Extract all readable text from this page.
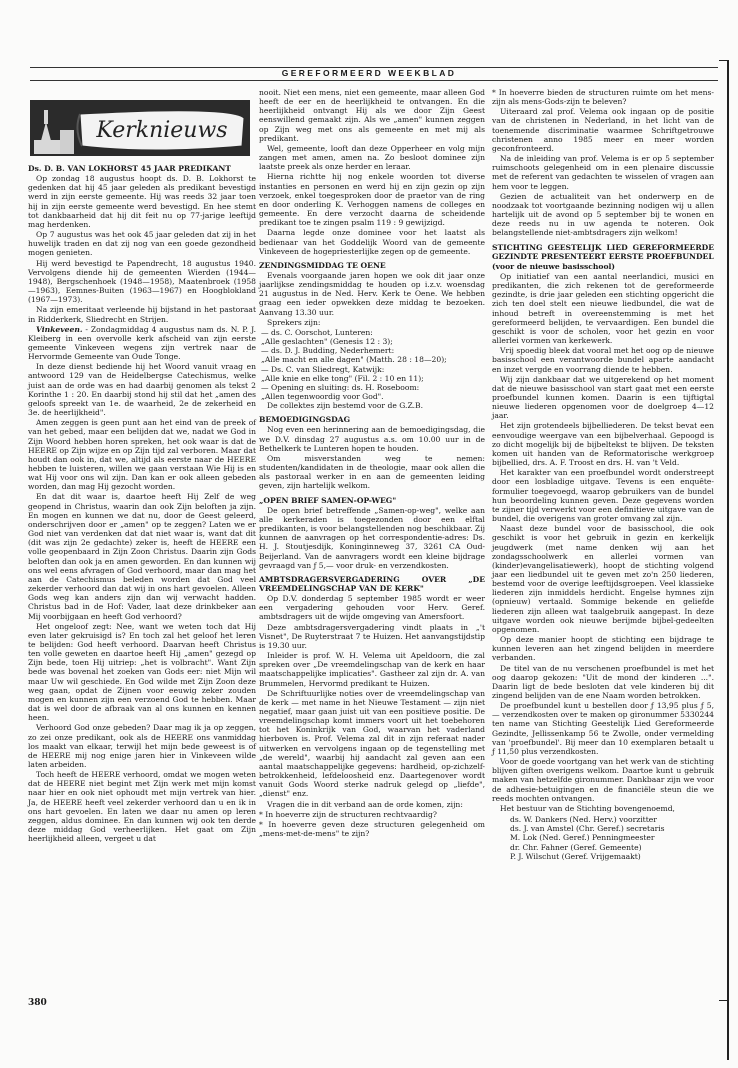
GEREFORMEERD WEEKBLAD
Kerknieuws
Ds. D. B. VAN LOKHORST 45 JAAR PREDIKANT

Op zondag 18 augustus hoopt ds. D. B. Lokhorst te gedenken dat hij 45 jaar geleden als predikant bevestigd werd in zijn eerste gemeente. Hij was reeds 32 jaar toen hij in zijn eerste gemeente werd bevestigd. En hee stemt tot dankbaarheid dat hij dit feit nu op 77-jarige leeftijd mag herdenken.

Op 7 augustus was het ook 45 jaar geleden dat zij in het huwelijk traden en dat zij nog van een goede gezondheid mogen genieten.

Hij werd bevestigd te Papendrecht, 18 augustus 1940. Vervolgens diende hij de gemeenten Wierden (1944—1948), Bergschenhoek (1948—1958), Maatenbroek (1958—1963), Eemnes-Buiten (1963—1967) en Hoogblokland (1967—1973).

Na zijn emeritaat verleende hij bijstand in het pastoraat in Ridderkerk, Sliedrecht en Strijen.

Vinkeveen. - Zondagmiddag 4 augustus nam ds. N. P. J. Kleiberg in een overvolle kerk afscheid van zijn eerste gemeente Vinkeveen wegens zijn vertrek naar de Hervormde Gemeente van Oude Tonge.

In deze dienst bediende hij het Woord vanuit vraag en antwoord 129 van de Heidelbergse Catechismus, welke juist aan de orde was en had daarbij genomen als tekst 2 Korinthe 1 : 20. En daarbij stond hij stil dat het „amen des geloofs spreekt van 1e. de waarheid, 2e de zekerheid en 3e. de heerlijkheid".

Amen zeggen is geen punt aan het eind van de preek of van het gebed, maar een belijden dat we, nadat we God in Zijn Woord hebben horen spreken, het ook waar is dat de HEERE op Zijn wijze en op Zijn tijd zal verboren. Maar dat houdt dan ook in, dat we, altijd als eerste naar de HEERE hebben te luisteren, willen we gaan verstaan Wie Hij is en wat Hij voor ons wil zijn. Dan kan er ook alleen gebeden worden, dan mag Hij gezocht worden.

En dat dit waar is, daartoe heeft Hij Zelf de weg geopend in Christus, waarin dan ook Zijn beloften ja zijn. En mogen en kunnen we dat nu, door de Geest geleerd, onderschrijven door er „amen" op te zeggen? Laten we er God niet van verdenken dat dat niet waar is, want dat dit (dit was zijn 2e gedachte) zeker is, heeft de HEERE een volle geopenbaard in Zijn Zoon Christus. Daarin zijn Gods beloften dan ook ja en amen geworden. En dan kunnen wij ons wel eens afvragen of God verhoord, maar dan mag het aan de Catechismus beleden worden dat God veel zekerder verhoord dan dat wij in ons hart gevoelen. Alleen Gods weg kan anders zijn dan wij verwacht hadden. Christus bad in de Hof: Vader, laat deze drinkbeker aan Mij voorbijgaan en heeft God verhoord?

Het ongeloof zegt: Nee, want we weten toch dat Hij even later gekruisigd is? En toch zal het geloof het leren te belijden: God heeft verhoord. Daarvan heeft Christus ten volle geweten en daartoe heeft Hij „amen" gezegd op Zijn bede, toen Hij uitriep: „het is volbracht". Want Zijn bede was bovenal het zoeken van Gods eer: niet Mijn wil maar Uw wil geschiede. En God wilde met Zijn Zoon deze weg gaan, opdat de Zijnen voor eeuwig zeker zouden mogen en kunnen zijn een verzoend God te hebben. Maar dat is wel door de afbraak van al ons kunnen en kennen heen.

Verhoord God onze gebeden? Daar mag ik ja op zeggen, zo zei onze predikant, ook als de HEERE ons vanmiddag los maakt van elkaar, terwijl het mijn bede geweest is of de HEERE mij nog enige jaren hier in Vinkeveen wilde laten arbeiden.

Toch heeft de HEERE verhoord, omdat we mogen weten dat de HEERE niet begint met Zijn werk met mijn komst naar hier en ook niet ophoudt met mijn vertrek van hier. Ja, de HEERE heeft veel zekerder verhoord dan u en ik in ons hart gevoelen. En laten we daar nu amen op leren zeggen, aldus dominee. En dan kunnen wij ook ten derde deze middag God verheerlijken. Het gaat om Zijn heerlijkheid alleen, vergeet u dat

nooit. Niet een mens, niet een gemeente, maar alleen God heeft de eer en de heerlijkheid te ontvangen. En die heerlijkheid ontvangt Hij als we door Zijn Geest eenswillend gemaakt zijn. Als we „amen" kunnen zeggen op Zijn weg met ons als gemeente en met mij als predikant.

Wel, gemeente, looft dan deze Opperheer en volg mijn zangen met amen, amen na. Zo besloot dominee zijn laatste preek als onze herder en leraar.

Hierna richtte hij nog enkele woorden tot diverse instanties en personen en werd hij en zijn gezin op zijn verzoek, enkel toegesproken door de praetor van de ring en door onderling K. Verhoggen namens de colleges en gemeente. En dere verzocht daarna de scheidende predikant toe te zingen psalm 119 : 9 gewijzigd.

Daarna legde onze dominee voor het laatst als bedienaar van het Goddelijk Woord van de gemeente Vinkeveen de hogepriesterlijke zegen op de gemeente.

ZENDINGSMIDDAG TE OENE

Evenals voorgaande jaren hopen we ook dit jaar onze jaarlijkse zendingsmiddag te houden op i.z.v. woensdag 21 augustus in de Ned. Herv. Kerk te Oene. We hebben graag een ieder opwekken deze middag te bezoeken. Aanvang 13.30 uur.

Sprekers zijn:

— ds. C. Oorschot, Lunteren:
„Alle geslachten" (Genesis 12 : 3);
— ds. D. J. Budding, Nederhemert:
„Alle macht en alle dagen" (Matth. 28 : 18—20);
— Ds. C. van Sliedregt, Katwijk:
„Alle knie en elke tong" (Fil. 2 : 10 en 11);
— Opening en sluiting: ds. H. Roseboom:
„Allen tegenwoordig voor God".

De collektes zijn bestemd voor de G.Z.B.

BEMOEDIGINGSDAG

Nog even een herinnering aan de bemoedigingsdag, die we D.V. dinsdag 27 augustus a.s. om 10.00 uur in de Bethelkerk te Lunteren hopen te houden.

Om misverstanden weg te nemen: studenten/kandidaten in de theologie, maar ook allen die als pastoraal werker in en aan de gemeenten leiding geven, zijn hartelijk welkom.

„OPEN BRIEF SAMEN-OP-WEG"

De open brief betreffende „Samen-op-weg", welke aan alle kerkeraden is toegezonden door een elftal predikanten, is voor belangstellenden nog beschikbaar. Zij kunnen de aanvragen op het correspondentie-adres: Ds. H. J. Stoutjesdijk, Koninginneweg 37, 3261 CA Oud-Beijerland. Van de aanvragers wordt een kleine bijdrage gevraagd van ƒ 5,— voor druk- en verzendkosten.

AMBTSDRAGERSVERGADERING OVER „DE VREEMDELINGSCHAP VAN DE KERK"

Op D.V. donderdag 5 september 1985 wordt er weer een vergadering gehouden voor Herv. Geref. ambtsdragers uit de wijde omgeving van Amersfoort.

Deze ambtsdragersvergadering vindt plaats in „'t Visnet", De Ruyterstraat 7 te Huizen. Het aanvangstijdstip is 19.30 uur.

Inleider is prof. W. H. Velema uit Apeldoorn, die zal spreken over „De vreemdelingschap van de kerk en haar maatschappelijke implicaties". Gastheer zal zijn dr. A. van Brummelen, Hervormd predikant te Huizen.

De Schriftuurlijke noties over de vreemdelingschap van de kerk — met name in het Nieuwe Testament — zijn niet negatief, maar gaan juist uit van een positieve positie. De vreemdelingschap komt immers voort uit het toebehoren tot het Koninkrijk van God, waarvan het vaderland hierboven is. Prof. Velema zal dit in zijn referaat nader uitwerken en vervolgens ingaan op de tegenstelling met „de wereld", waarbij hij aandacht zal geven aan een aantal maatschappelijke gegevens: hardheid, op-zichzelf-betrokkenheid, lefdeloosheid enz. Daartegenover wordt vanuit Gods Woord sterke nadruk gelegd op „liefde", „dienst" enz.

Vragen die in dit verband aan de orde komen, zijn:

* In hoeverre zijn de structuren rechtvaardig?

* In hoeverre geven deze structuren gelegenheid om „mens-met-de-mens" te zijn?

* In hoeverre bieden de structuren ruimte om het mens-zijn als mens-Gods-zijn te beleven?

Uiteraard zal prof. Velema ook ingaan op de positie van de christenen in Nederland, in het licht van de toenemende discriminatie waarmee Schriftgetrouwe christenen anno 1985 meer en meer worden geconfronteerd.

Na de inleiding van prof. Velema is er op 5 september ruimschoots gelegenheid om in een plenaire discussie met de referent van gedachten te wisselen of vragen aan hem voor te leggen.

Gezien de actualiteit van het onderwerp en de noodzaak tot voortgaande bezinning nodigen wij u allen hartelijk uit de avond op 5 september bij te wonen en deze reeds nu in uw agenda te noteren. Ook belangstellende niet-ambtsdragers zijn welkom!

STICHTING GEESTELIJK LIED GEREFORMEERDE GEZINDTE PRESENTEERT EERSTE PROEFBUNDEL
(voor de nieuwe basisschool)

Op initiatief van een aantal neerlandici, musici en predikanten, die zich rekenen tot de gereformeerde gezindte, is drie jaar geleden een stichting opgericht die zich ten doel stelt een nieuwe liedbundel, die wat de inhoud betreft in overeenstemming is met het gereformeerd belijden, te vervaardigen. Een bundel die geschikt is voor de scholen, voor het gezin en voor allerlei vormen van kerkewerk.

Vrij spoedig bleek dat vooral met het oog op de nieuwe basisschool een verantwoorde bundel aparte aandacht en inzet vergde en voorrang diende te hebben.

Wij zijn dankbaar dat we uitgerekend op het moment dat de nieuwe basisschool van start gaat met een eerste proefbundel kunnen komen. Daarin is een tijftigtal nieuwe liederen opgenomen voor de doelgroep 4—12 jaar.

Het zijn grotendeels bijbelliederen. De tekst bevat een eenvoudige weergave van een bijbelverhaal. Gepoogd is zo dicht mogelijk bij de bijbeltekst te blijven. De teksten komen uit handen van de Reformatorische werkgroep bijbellied, drs. A. F. Troost en drs. H. van 't Veld.

Het karakter van een proefbundel wordt onderstreept door een losbladige uitgave. Tevens is een enquête-formulier toegevoegd, waarop gebruikers van de bundel hun beoordeling kunnen geven. Deze gegevens worden te zijner tijd verwerkt voor een definitieve uitgave van de bundel, die overigens van groter omvang zal zijn.

Naast deze bundel voor de basisschool, die ook geschikt is voor het gebruik in gezin en kerkelijk jeugdwerk (met name denken wij aan het zondagsschoolwerk en allerlei vormen van (kinder)evangelisatiewerk), hoopt de stichting volgend jaar een liedbundel uit te geven met zo'n 250 liederen, bestemd voor de overige leeftijdsgroepen. Veel klassieke liederen zijn inmiddels herdicht. Engelse hymnes zijn (opnieuw) vertaald. Sommige bekende en geliefde liederen zijn alleen wat taalgebruik aangepast. In deze uitgave worden ook nieuwe berijmde bijbel-gedeelten opgenomen.

Op deze manier hoopt de stichting een bijdrage te kunnen leveren aan het zingend belijden in meerdere verbanden.

De titel van de nu verschenen proefbundel is met het oog daarop gekozen: "Uit de mond der kinderen ...". Daarin ligt de bede besloten dat vele kinderen bij dit zingend belijden van de ene Naam worden betrokken.

De proefbundel kunt u bestellen door ƒ 13,95 plus ƒ 5,— verzendkosten over te maken op gironummer 5330244 ten name van Stichting Geestelijk Lied Gereformeerde Gezindte, Jellissenkamp 56 te Zwolle, onder vermelding van 'proefbundel'. Bij meer dan 10 exemplaren betaalt u ƒ 11,50 plus verzendkosten.

Voor de goede voortgang van het werk van de stichting blijven giften overigens welkom. Daartoe kunt u gebruik maken van hetzelfde gironummer. Dankbaar zijn we voor de adhesie-betuigingen en de financiële steun die we reeds mochten ontvangen.

Het bestuur van de Stichting bovengenoemd,

ds. W. Dankers (Ned. Herv.) voorzitter
ds. J. van Amstel (Chr. Geref.) secretaris
M. Lok (Ned. Geref.) Penningmeester
dr. Chr. Fahner (Geref. Gemeente)
P. J. Wilschut (Geref. Vrijgemaakt)
380
